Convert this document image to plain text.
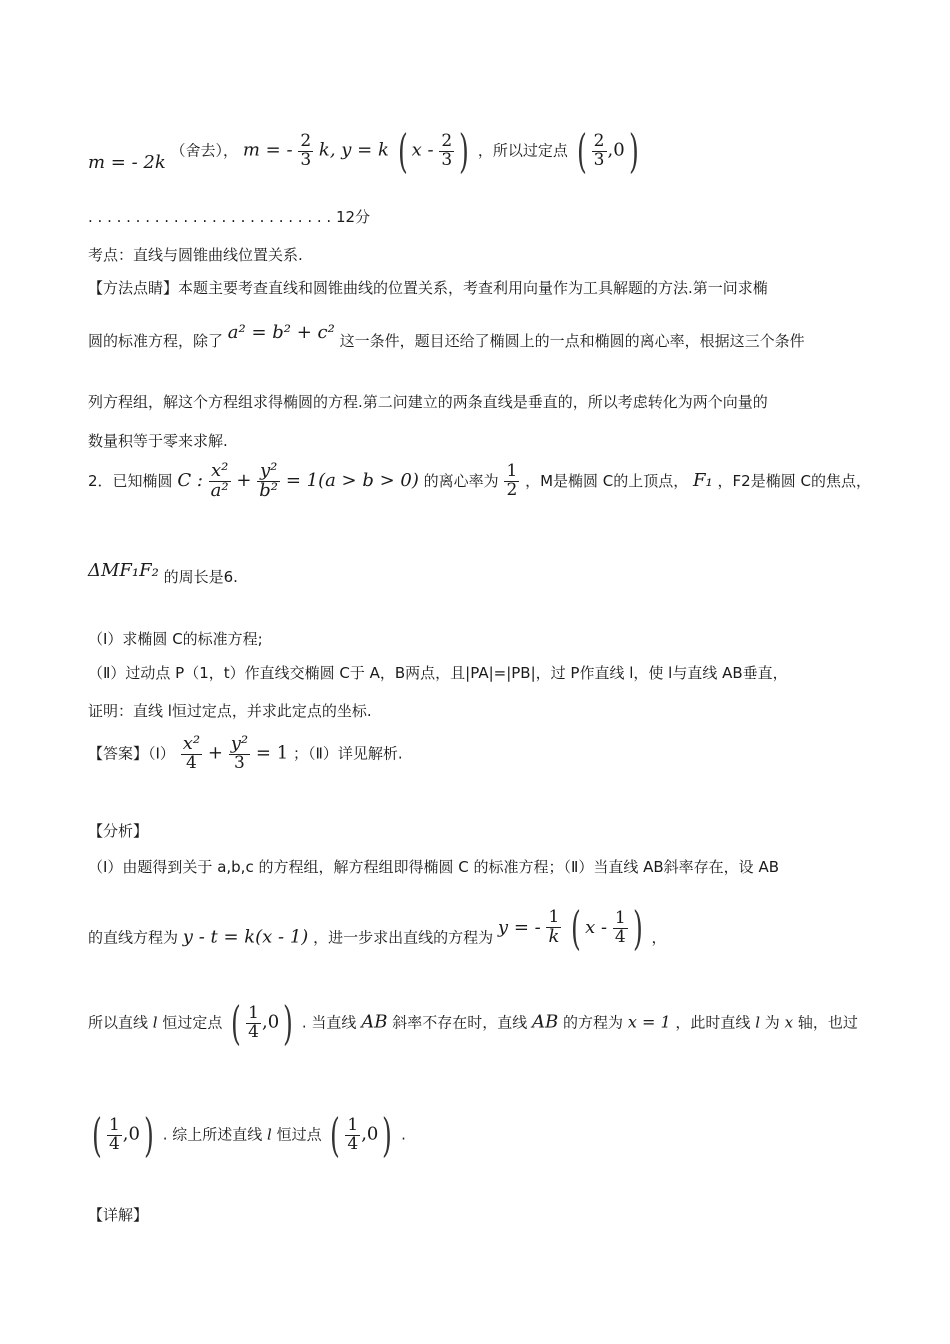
m = - 2k （舍去）， m = - $\frac{2}{3} k$, y = k ( x - $\frac{2}{3}$ ) ，所以过定点 ( $\frac{2}{3} ,0$)
. . . . . . . . . . . . . . . . . . . . . . . . . . 12分
考点：直线与圆锥曲线位置关系.
【方法点睛】本题主要考查直线和圆锥曲线的位置关系，考查利用向量作为工具解题的方法.第一问求椭
圆的标准方程，除了 a² = b² + c² 这一条件，题目还给了椭圆上的一点和椭圆的离心率，根据这三个条件
列方程组，解这个方程组求得椭圆的方程.第二问建立的两条直线是垂直的，所以考虑转化为两个向量的
数量积等于零来求解.
2．已知椭圆 C : $\frac{\text{x²}}{\text{a²}} + \frac{\text{y²}}{\text{b²}} = 1(a > b > 0)$ 的离心率为 $\frac{1}{2}$ ，M是椭圆 C的上顶点， F₁ ，F2是椭圆 C的焦点，
ΔMF₁F₂ 的周长是6.
（Ⅰ）求椭圆 C的标准方程;
（Ⅱ）过动点 P（1，t）作直线交椭圆 C于 A，B两点，且|PA|=|PB|，过 P作直线 l，使 l与直线 AB垂直，
证明：直线 l恒过定点，并求此定点的坐标.
【答案】（Ⅰ） $\frac{\text{x²}}{4} + \frac{\text{y²}}{3} = 1$ ；（Ⅱ）详见解析.
【分析】
（Ⅰ）由题得到关于 a,b,c 的方程组，解方程组即得椭圆 C 的标准方程；（Ⅱ）当直线 AB斜率存在，设 AB
的直线方程为 y - t = k(x - 1) ，进一步求出直线的方程为 y = - $\frac{1}{k}$ ( x - $\frac{1}{4}$ ) ，
所以直线 l 恒过定点 ( $\frac{1}{4} ,0$) . 当直线 AB 斜率不存在时，直线 AB 的方程为 x = 1 ，此时直线 l 为 x 轴，也过
( $\frac{1}{4} ,0$) . 综上所述直线 l 恒过点 ( $\frac{1}{4} ,0$) .
【详解】
